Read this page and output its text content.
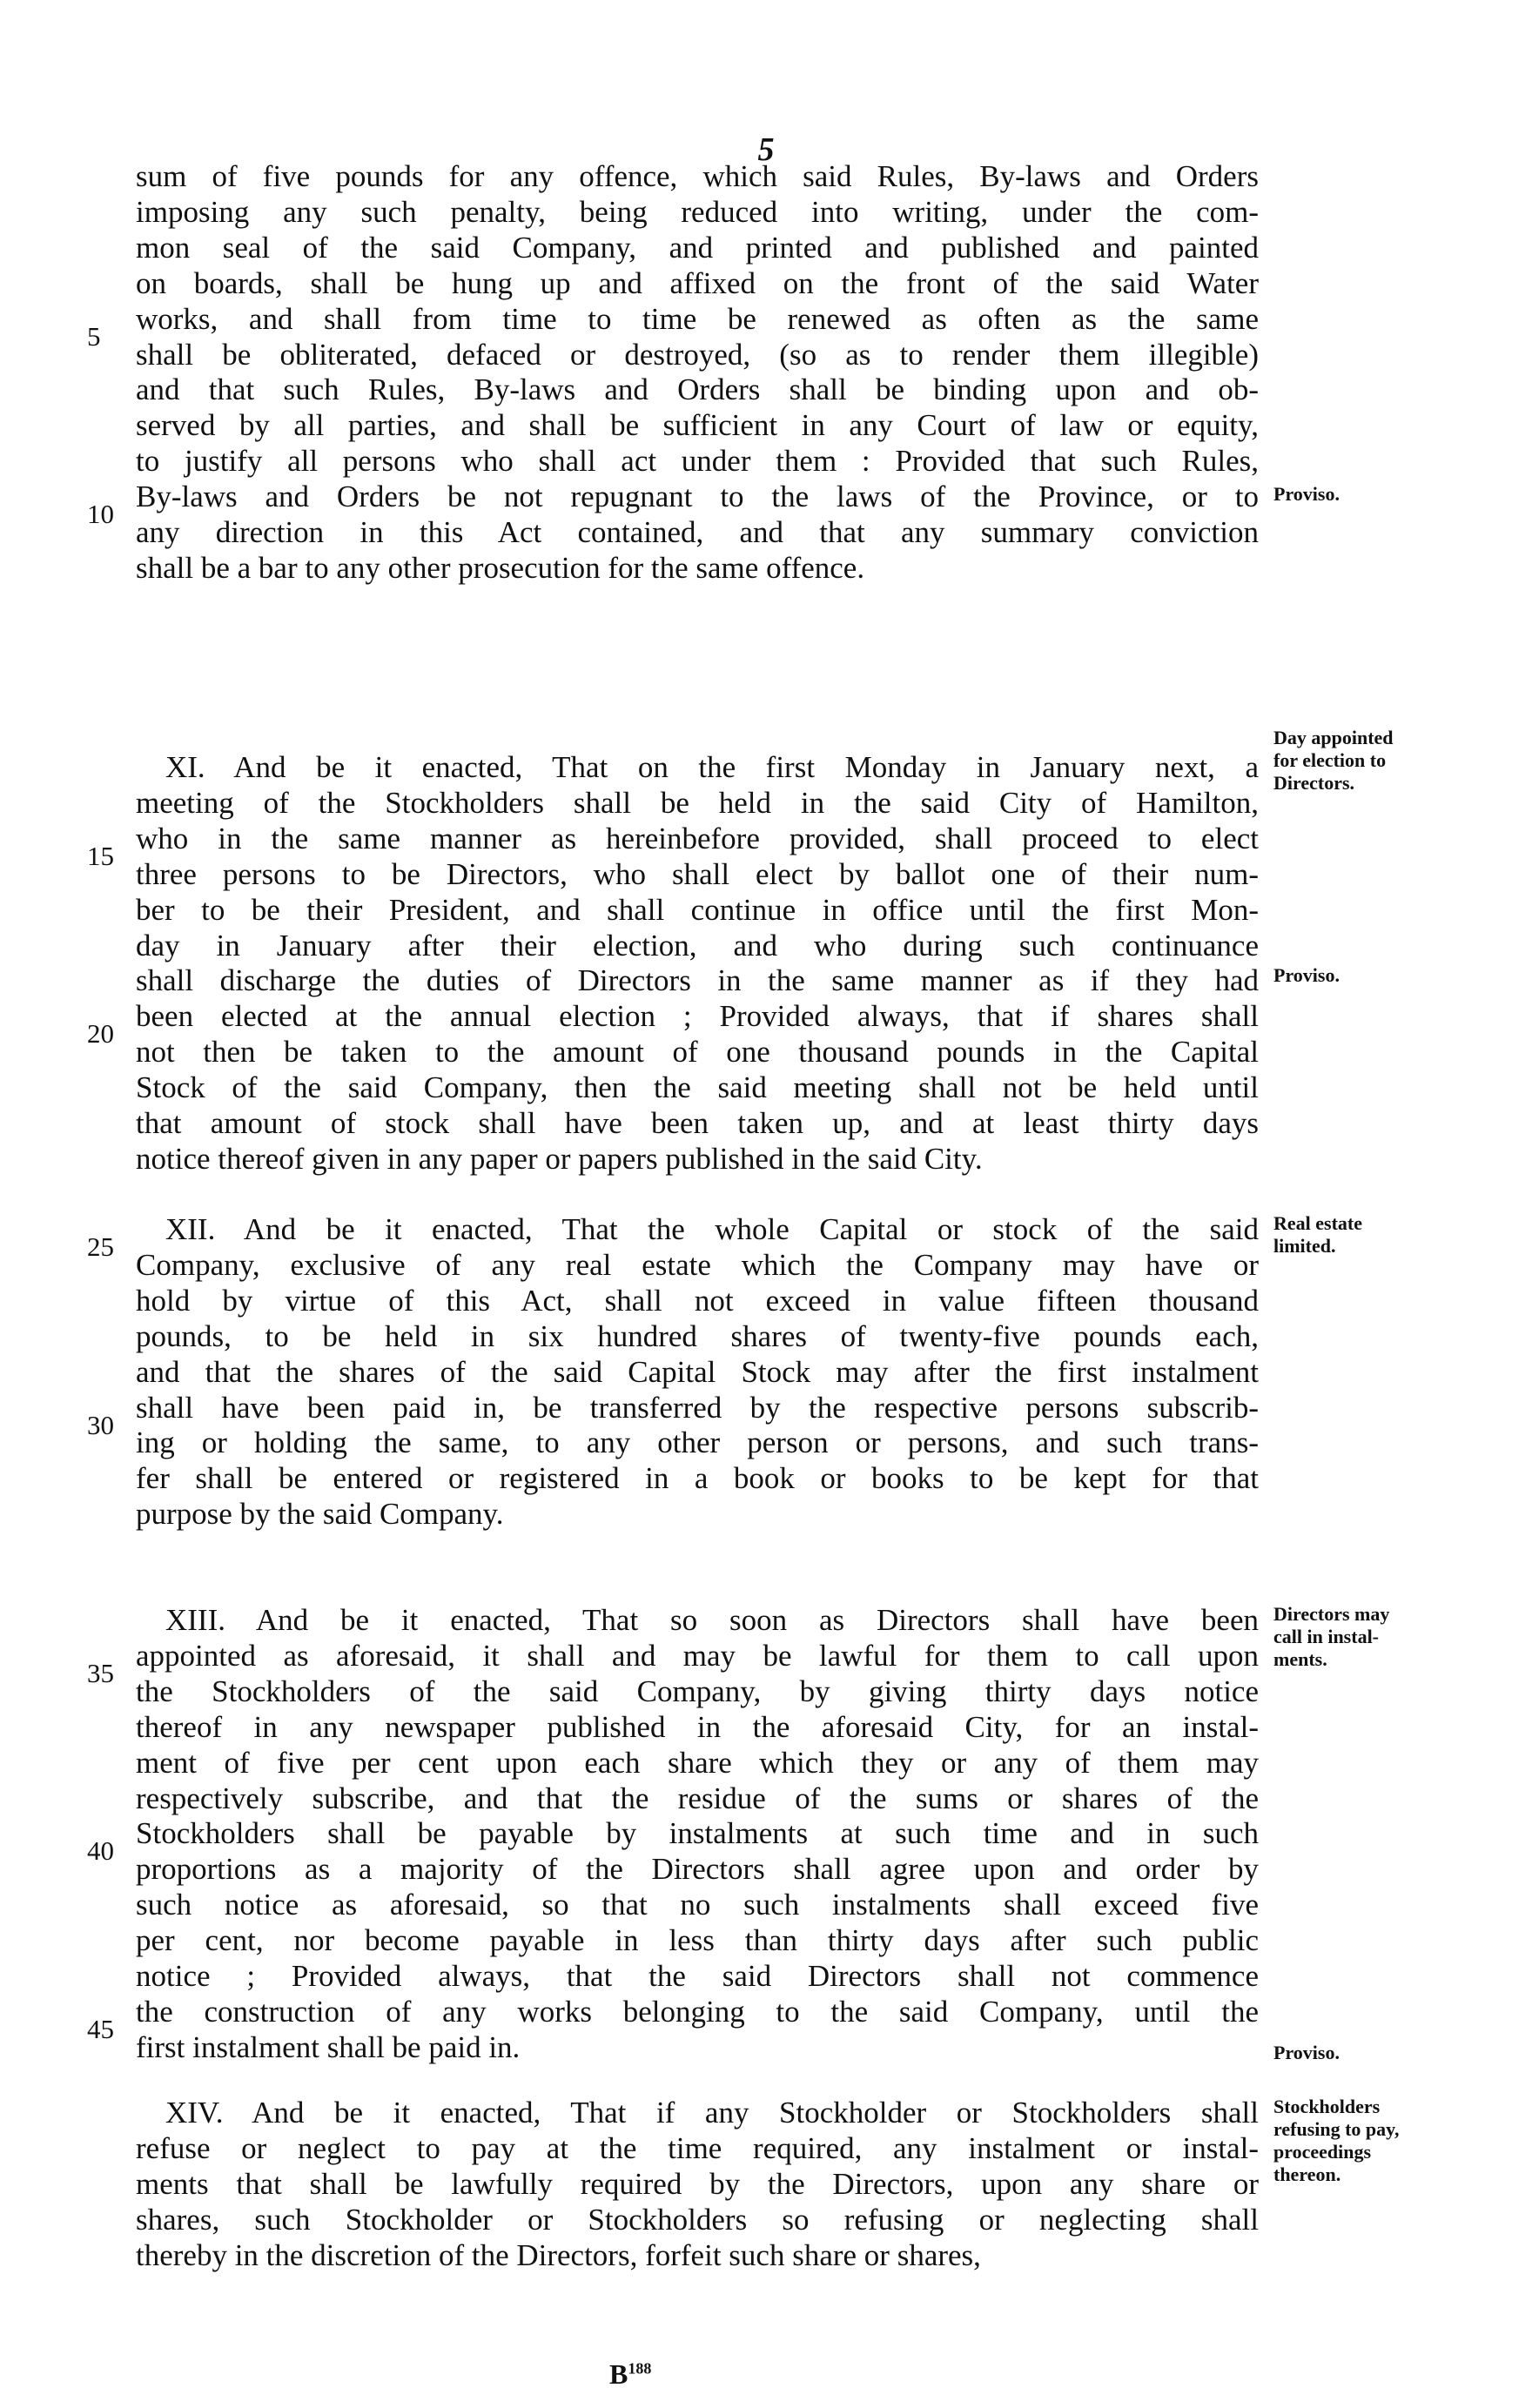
5
sum of five pounds for any offence, which said Rules, By-laws and Orders
imposing any such penalty, being reduced into writing, under the com-
mon seal of the said Company, and printed and published and painted
on boards, shall be hung up and affixed on the front of the said Water
works, and shall from time to time be renewed as often as the same
shall be obliterated, defaced or destroyed, (so as to render them illegible)
and that such Rules, By-laws and Orders shall be binding upon and ob-
served by all parties, and shall be sufficient in any Court of law or equity,
to justify all persons who shall act under them : Provided that such Rules,
By-laws and Orders be not repugnant to the laws of the Province, or to
any direction in this Act contained, and that any summary conviction
shall be a bar to any other prosecution for the same offence.
XI. And be it enacted, That on the first Monday in January next, a
meeting of the Stockholders shall be held in the said City of Hamilton,
who in the same manner as hereinbefore provided, shall proceed to elect
three persons to be Directors, who shall elect by ballot one of their num-
ber to be their President, and shall continue in office until the first Mon-
day in January after their election, and who during such continuance
shall discharge the duties of Directors in the same manner as if they had
been elected at the annual election ; Provided always, that if shares shall
not then be taken to the amount of one thousand pounds in the Capital
Stock of the said Company, then the said meeting shall not be held until
that amount of stock shall have been taken up, and at least thirty days
notice thereof given in any paper or papers published in the said City.
XII. And be it enacted, That the whole Capital or stock of the said
Company, exclusive of any real estate which the Company may have or
hold by virtue of this Act, shall not exceed in value fifteen thousand
pounds, to be held in six hundred shares of twenty-five pounds each,
and that the shares of the said Capital Stock may after the first instalment
shall have been paid in, be transferred by the respective persons subscrib-
ing or holding the same, to any other person or persons, and such trans-
fer shall be entered or registered in a book or books to be kept for that
purpose by the said Company.
XIII. And be it enacted, That so soon as Directors shall have been
appointed as aforesaid, it shall and may be lawful for them to call upon
the Stockholders of the said Company, by giving thirty days notice
thereof in any newspaper published in the aforesaid City, for an instal-
ment of five per cent upon each share which they or any of them may
respectively subscribe, and that the residue of the sums or shares of the
Stockholders shall be payable by instalments at such time and in such
proportions as a majority of the Directors shall agree upon and order by
such notice as aforesaid, so that no such instalments shall exceed five
per cent, nor become payable in less than thirty days after such public
notice ; Provided always, that the said Directors shall not commence
the construction of any works belonging to the said Company, until the
first instalment shall be paid in.
XIV. And be it enacted, That if any Stockholder or Stockholders shall
refuse or neglect to pay at the time required, any instalment or instal-
ments that shall be lawfully required by the Directors, upon any share or
shares, such Stockholder or Stockholders so refusing or neglecting shall
thereby in the discretion of the Directors, forfeit such share or shares,
5
10
15
20
25
30
35
40
45
Proviso.
Day appointed
for election to
Directors.
Proviso.
Real estate
limited.
Directors may
call in instal-
ments.
Proviso.
Stockholders
refusing to pay,
proceedings
thereon.
$B^{188}$
